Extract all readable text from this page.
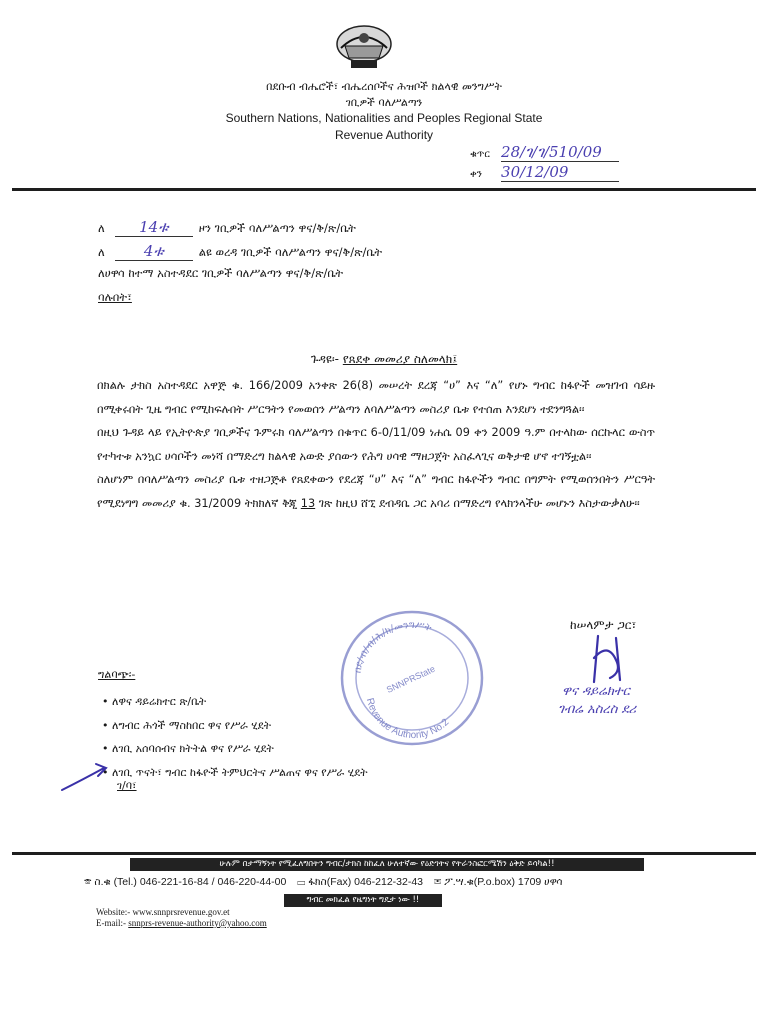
በደቡብ ብሔሮች፣ ብሔረሰቦችና ሕዝቦች ክልላዊ መንግሥት
ገቢዎች ባለሥልጣን
Southern Nations, Nationalities and Peoples Regional State
Revenue Authority
ቁጥር 28/ገ/ገ/510/09
ቀን 30/12/09
ለ 14ቱ	ዞን ገቢዎች ባለሥልጣን ዋና/ቅ/ጽ/ቤት
ለ	4ቱ	ልዩ ወረዳ ገቢዎች ባለሥልጣን ዋና/ቅ/ጽ/ቤት
ለሀዋሳ ከተማ አስተዳደር ገቢዎች ባለሥልጣን ዋና/ቅ/ጽ/ቤት
ባሉበት፣
ጉዳዩ፡- የጸደቀ መመሪያ ስለመላክ፤

በክልሉ ታክስ አስተዳደር አዋጅ ቁ. 166/2009 አንቀጽ 26(8) መሠረት ደረጃ “ሀ” እና “ለ” የሆኑ ግብር ከፋዮች መዝገብ ሳይዙ በሚቀሩበት ጊዜ ግብር የሚከፍሉበት ሥርዓትን የመወሰን ሥልጣን ለባለሥልጣን መስሪያ ቤቱ የተሰጠ እንደሆነ ተደንግጓል፡፡

በዚህ ጉዳይ ላይ የኢትዮጵያ ገቢዎችና ጉምሩክ ባለሥልጣን በቁጥር 6-0/11/09 ነሐሴ 09 ቀን 2009 ዓ.ም በተላከው ሰርኩላር ውስጥ የተካተቱ አንኳር ሀሳቦችን መነሻ በማድረግ ክልላዊ አውድ ያሰውን የሕግ ሀሳዊ ማዘጋጀት አስፈላጊና ወቅታዊ ሆኖ ተገኝቷል፡፡

ስለሆነም በባለሥልጣን መስሪያ ቤቱ ተዘጋጅቶ የጸደቀውን የደረጃ “ሀ” እና “ለ” ግብር ከፋዮችን ግብር በግምት የሚወሰንበትን ሥርዓት የሚደነግግ መመሪያ ቁ. 31/2009 ትክክለኛ ቅጂ 13 ገጽ ከዚህ ሸኚ ደብዳቤ ጋር አባሪ በማድረግ የላክንላችሁ መሆኑን እስታውቃለሁ፡፡

በደ/ብ/ብ/ሕ/ክ/መንግሥት
Revenue Authority No.2
SNNPRState
ከሠላምታ ጋር፣
ዋና ዳይሬክተር
ገብሬ አስረስ ደሪ
ግልባጭ፡-
• ለዋና ዳይሬክተር ጽ/ቤት
• ለግብር ሕጎች ማስከበር ዋና የሥራ ሂደት
• ለገቢ አሰባሰብና ክትትል ዋና የሥራ ሂደት
• ለገቢ ጥናት፣ ግብር ከፋዮች ትምህርትና ሥልጠና ዋና የሥራ ሂደት
ገ/ባ፣
ሁሉም በታማኝነት የሚፈለግበትን ግብር/ታክስ ከከፈለ ሁለተኛው የዕድገትና የትራንስፎርሜሽን ዕቅድ ይሳካል!!
☏ ስ.ቁ (Tel.) 046-221-16-84 / 046-220-44-00 ▭ ፋክስ(Fax) 046-212-32-43 ✉ ፖ.ሣ.ቁ(P.o.box) 1709 ሀዋሳ
ግብር መክፈል የዜግነት ግዴታ ነው !!
Website:- www.snnprsrevenue.gov.et
E-mail:- snnprs-revenue-authority@yahoo.com
